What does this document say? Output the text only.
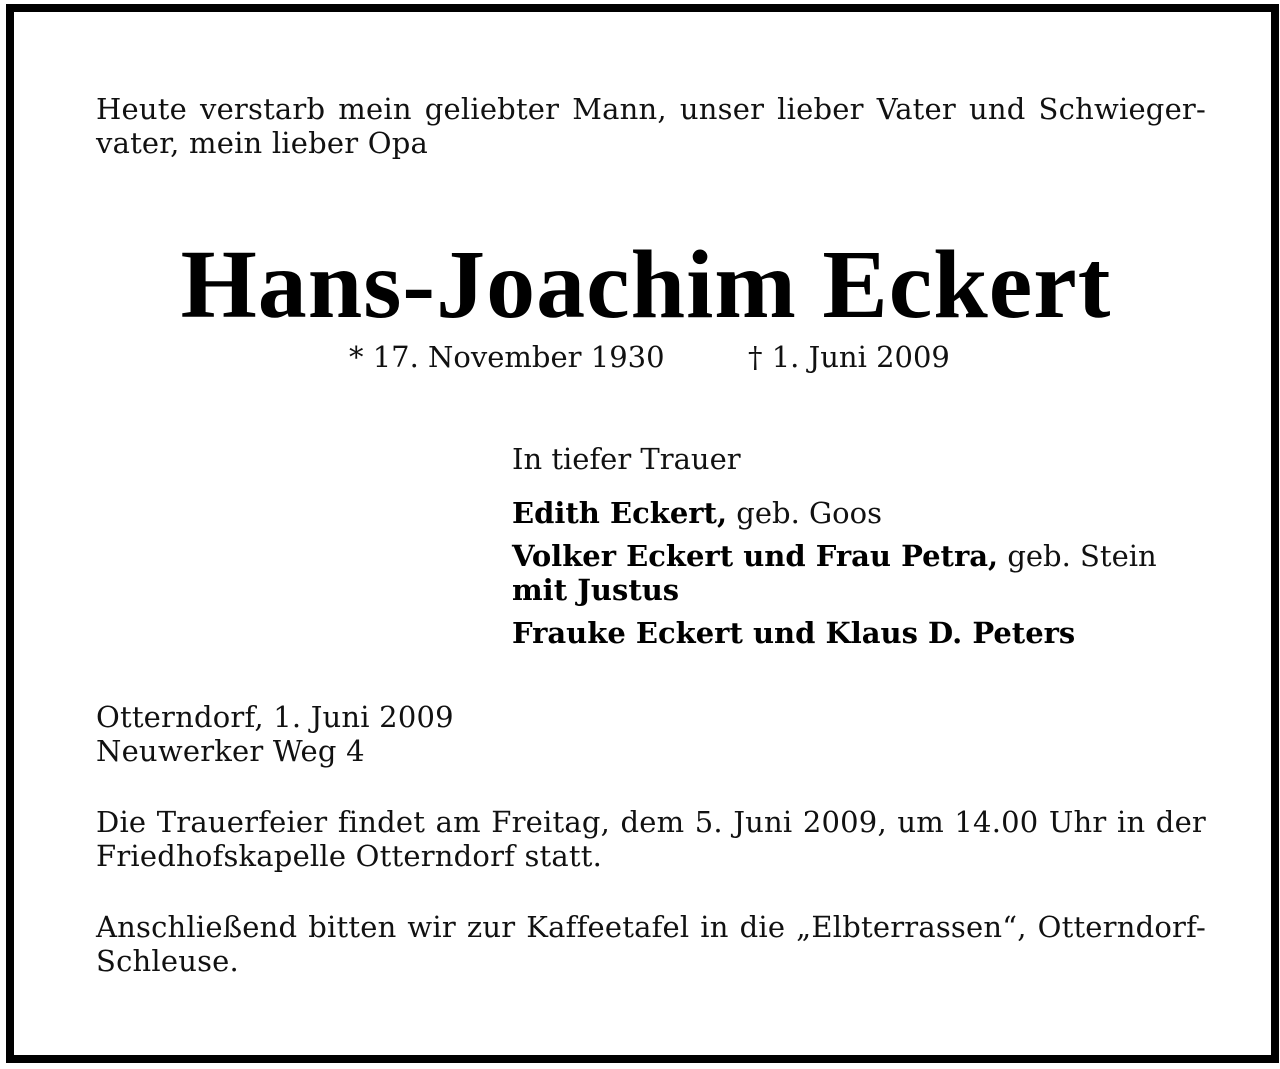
Heute verstarb mein geliebter Mann, unser lieber Vater und Schwieger-
vater, mein lieber Opa
Hans-Joachim Eckert
* 17. November 1930	† 1. Juni 2009
In tiefer Trauer
Edith Eckert, geb. Goos
Volker Eckert und Frau Petra, geb. Stein
mit Justus
Frauke Eckert und Klaus D. Peters
Otterndorf, 1. Juni 2009
Neuwerker Weg 4
Die Trauerfeier findet am Freitag, dem 5. Juni 2009, um 14.00 Uhr in der
Friedhofskapelle Otterndorf statt.
Anschließend bitten wir zur Kaffeetafel in die „Elbterrassen“, Otterndorf-
Schleuse.
